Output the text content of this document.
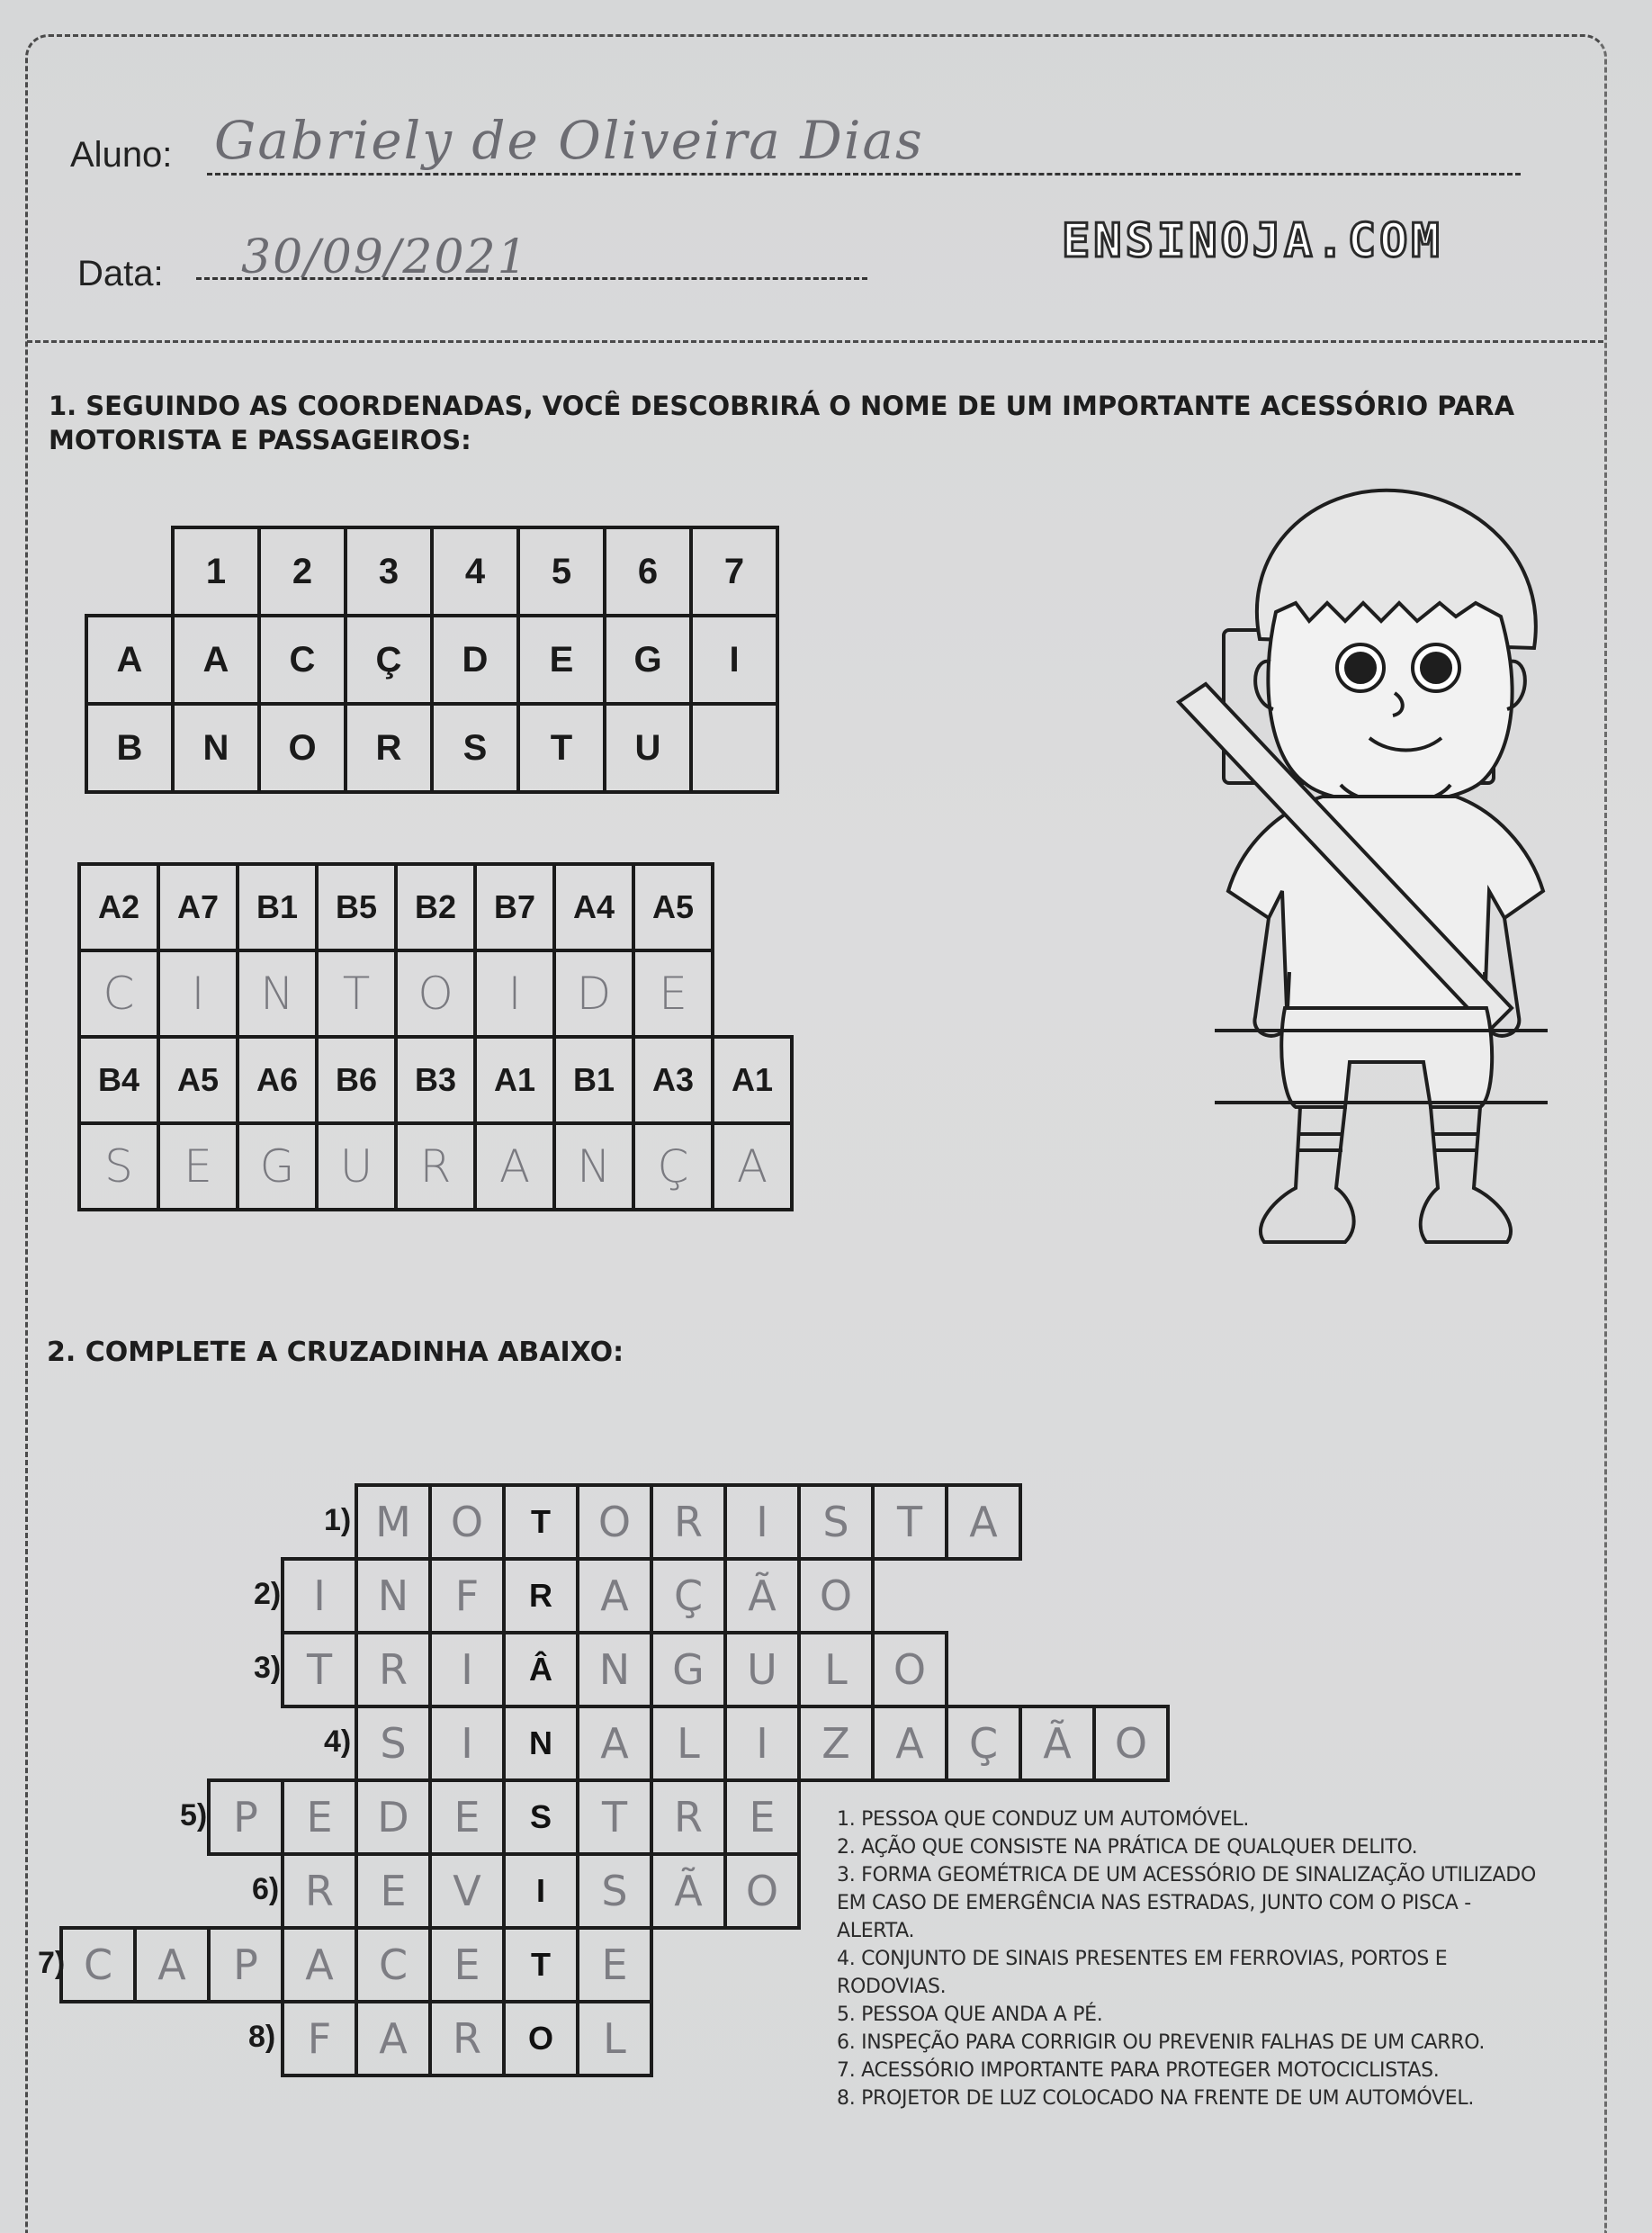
Aluno: Gabriely de Oliveira Dias
Data: 30/09/2021	ENSINOJA.COM
1. SEGUINDO AS COORDENADAS, VOCÊ DESCOBRIRÁ O NOME DE UM IMPORTANTE ACESSÓRIO PARA
MOTORISTA E PASSAGEIROS:
	1	2	3	4	5	6	7
A	A	C	Ç	D	E	G	I
B	N	O	R	S	T	U	
A2	A7	B1	B5	B2	B7	A4	A5
C	I	N	T	O	I	D	E
B4	A5	A6	B6	B3	A1	B1	A3	A1
S	E	G	U	R	A	N	Ç	A
2. COMPLETE A CRUZADINHA ABAIXO:
1) M O	T	O	R	I	S	T	A
2) I	N	F	R	A	Ç	Ã	O
3) T	R	I	Â	N	G	U	L	O
4) S	I	N	A	L	I	Z	A	Ç	Ã	O
5) P	E	D	E	S	T	R	E
6) R	E	V	I	S	Ã	O
7) C	A	P	A	C	E	T	E
8) F	A	R	O	L
1. PESSOA QUE CONDUZ UM AUTOMÓVEL.
2. AÇÃO QUE CONSISTE NA PRÁTICA DE QUALQUER DELITO.
3. FORMA GEOMÉTRICA DE UM ACESSÓRIO DE SINALIZAÇÃO UTILIZADO
EM CASO DE EMERGÊNCIA NAS ESTRADAS, JUNTO COM O PISCA -
ALERTA.
4. CONJUNTO DE SINAIS PRESENTES EM FERROVIAS, PORTOS E
RODOVIAS.
5. PESSOA QUE ANDA A PÉ.
6. INSPEÇÃO PARA CORRIGIR OU PREVENIR FALHAS DE UM CARRO.
7. ACESSÓRIO IMPORTANTE PARA PROTEGER MOTOCICLISTAS.
8. PROJETOR DE LUZ COLOCADO NA FRENTE DE UM AUTOMÓVEL.
